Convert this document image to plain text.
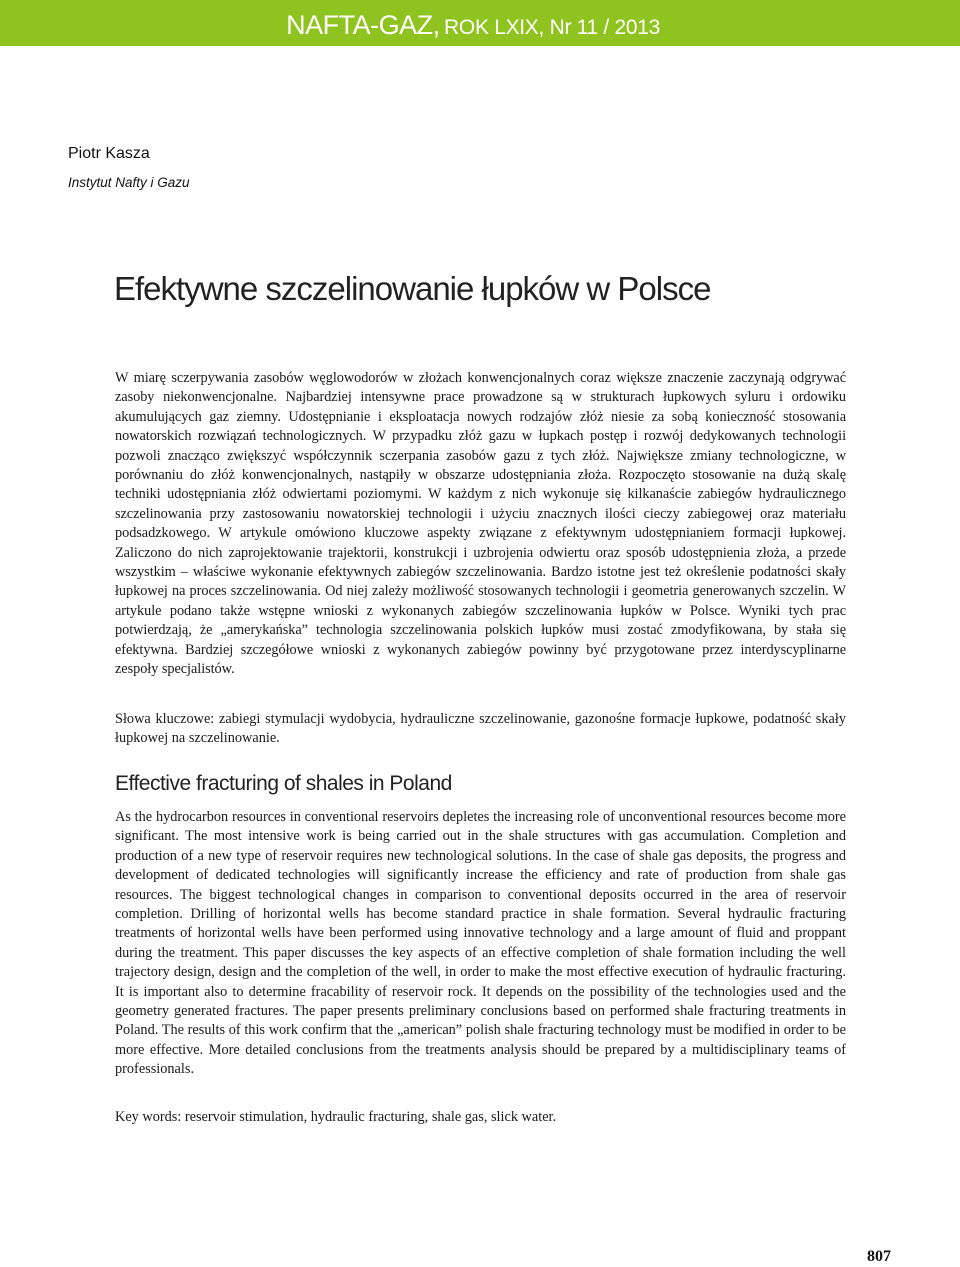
NAFTA-GAZ, ROK LXIX, Nr 11 / 2013
Piotr Kasza
Instytut Nafty i Gazu
Efektywne szczelinowanie łupków w Polsce

W miarę sczerpywania zasobów węglowodorów w złożach konwencjonalnych coraz większe znaczenie zaczynają odgrywać zasoby niekonwencjonalne. Najbardziej intensywne prace prowadzone są w strukturach łupkowych syluru i ordowiku akumulujących gaz ziemny. Udostępnianie i eksploatacja nowych rodzajów złóż niesie za sobą konieczność stosowania nowatorskich rozwiązań technologicznych. W przypadku złóż gazu w łupkach postęp i rozwój dedykowanych technologii pozwoli znacząco zwiększyć współczynnik sczerpania zasobów gazu z tych złóż. Największe zmiany technologiczne, w porównaniu do złóż konwencjonalnych, nastąpiły w obszarze udostępniania złoża. Rozpoczęto stosowanie na dużą skalę techniki udostępniania złóż odwiertami poziomymi. W każdym z nich wykonuje się kilkanaście zabiegów hydraulicznego szczelinowania przy zastosowaniu nowatorskiej technologii i użyciu znacznych ilości cieczy zabiegowej oraz materiału podsadzkowego. W artykule omówiono kluczowe aspekty związane z efektywnym udostępnianiem formacji łupkowej. Zaliczono do nich zaprojektowanie trajektorii, konstrukcji i uzbrojenia odwiertu oraz sposób udostępnienia złoża, a przede wszystkim – właściwe wykonanie efektywnych zabiegów szczelinowania. Bardzo istotne jest też określenie podatności skały łupkowej na proces szczelinowania. Od niej zależy możliwość stosowanych technologii i geometria generowanych szczelin. W artykule podano także wstępne wnioski z wykonanych zabiegów szczelinowania łupków w Polsce. Wyniki tych prac potwierdzają, że „amerykańska” technologia szczelinowania polskich łupków musi zostać zmodyfikowana, by stała się efektywna. Bardziej szczegółowe wnioski z wykonanych zabiegów powinny być przygotowane przez interdyscyplinarne zespoły specjalistów.

Słowa kluczowe: zabiegi stymulacji wydobycia, hydrauliczne szczelinowanie, gazonośne formacje łupkowe, podatność skały łupkowej na szczelinowanie.

Effective fracturing of shales in Poland

As the hydrocarbon resources in conventional reservoirs depletes the increasing role of unconventional resources become more significant. The most intensive work is being carried out in the shale structures with gas accumulation. Completion and production of a new type of reservoir requires new technological solutions. In the case of shale gas deposits, the progress and development of dedicated technologies will significantly increase the efficiency and rate of production from shale gas resources. The biggest technological changes in comparison to conventional deposits occurred in the area of reservoir completion. Drilling of horizontal wells has become standard practice in shale formation. Several hydraulic fracturing treatments of horizontal wells have been performed using innovative technology and a large amount of fluid and proppant during the treatment. This paper discusses the key aspects of an effective completion of shale formation including the well trajectory design, design and the completion of the well, in order to make the most effective execution of hydraulic fracturing. It is important also to determine fracability of reservoir rock. It depends on the possibility of the technologies used and the geometry generated fractures. The paper presents preliminary conclusions based on performed shale fracturing treatments in Poland. The results of this work confirm that the „american” polish shale fracturing technology must be modified in order to be more effective. More detailed conclusions from the treatments analysis should be prepared by a multidisciplinary teams of professionals.

Key words: reservoir stimulation, hydraulic fracturing, shale gas, slick water.

807
